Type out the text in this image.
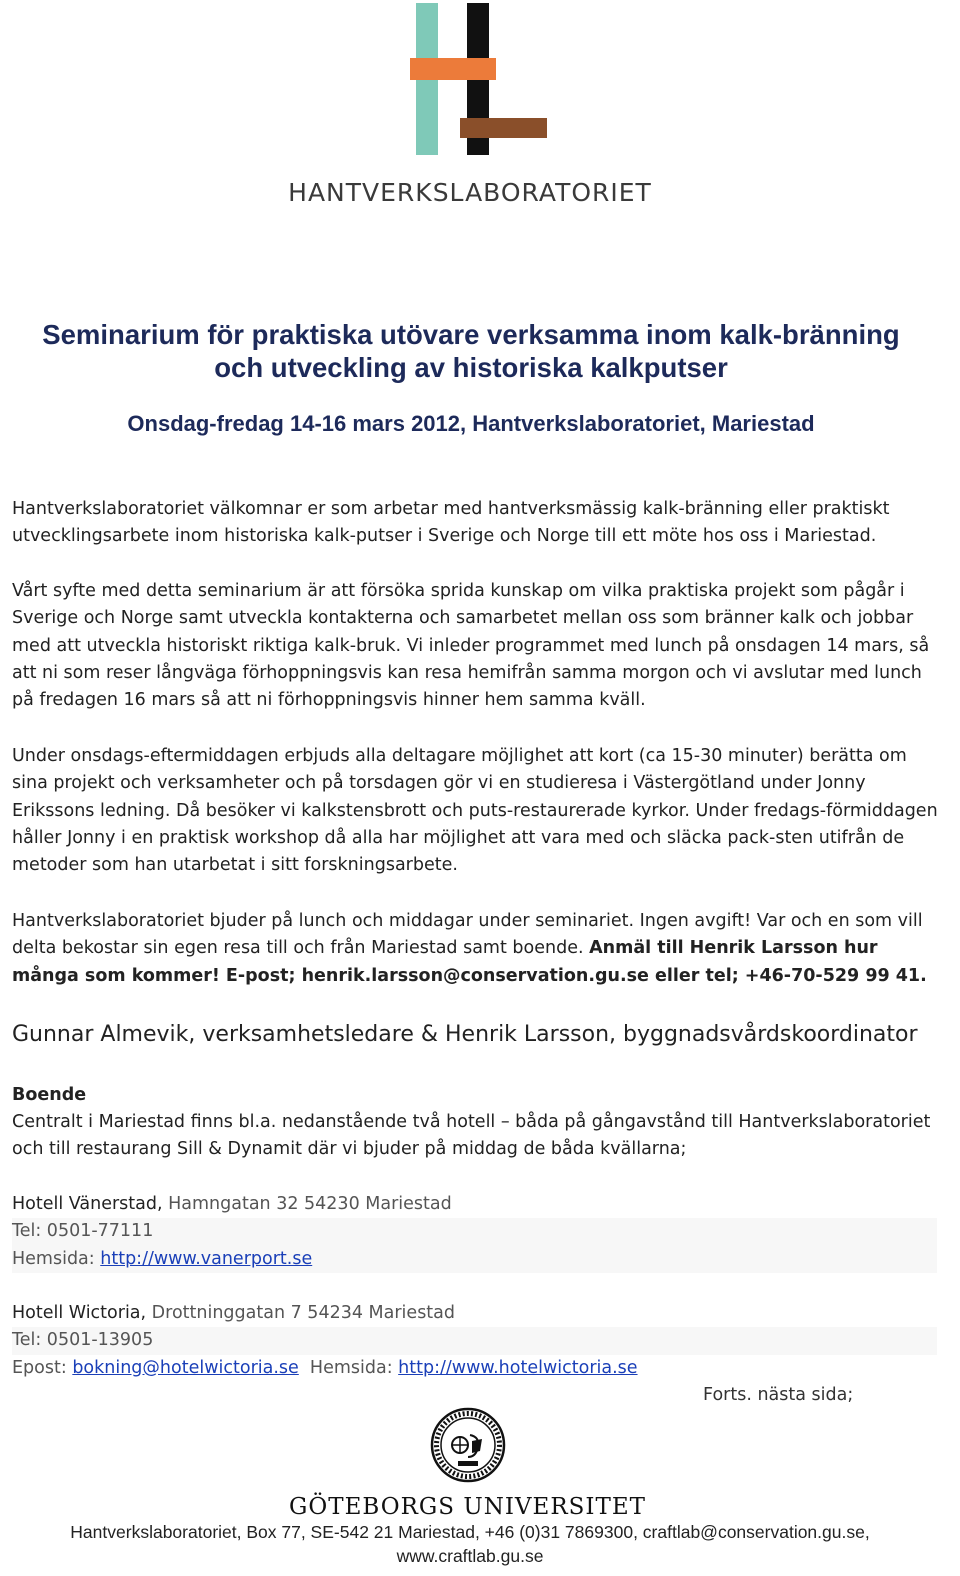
HANTVERKSLABORATORIET
Seminarium för praktiska utövare verksamma inom kalk-bränning
och utveckling av historiska kalkputser
Onsdag-fredag 14-16 mars 2012, Hantverkslaboratoriet, Mariestad

Hantverkslaboratoriet välkomnar er som arbetar med hantverksmässig kalk-bränning eller praktiskt utvecklingsarbete inom historiska kalk-putser i Sverige och Norge till ett möte hos oss i Mariestad.

Vårt syfte med detta seminarium är att försöka sprida kunskap om vilka praktiska projekt som pågår i Sverige och Norge samt utveckla kontakterna och samarbetet mellan oss som bränner kalk och jobbar med att utveckla historiskt riktiga kalk-bruk. Vi inleder programmet med lunch på onsdagen 14 mars, så att ni som reser långväga förhoppningsvis kan resa hemifrån samma morgon och vi avslutar med lunch på fredagen 16 mars så att ni förhoppningsvis hinner hem samma kväll.

Under onsdags-eftermiddagen erbjuds alla deltagare möjlighet att kort (ca 15-30 minuter) berätta om sina projekt och verksamheter och på torsdagen gör vi en studieresa i Västergötland under Jonny Erikssons ledning. Då besöker vi kalkstensbrott och puts-restaurerade kyrkor. Under fredags-förmiddagen håller Jonny i en praktisk workshop då alla har möjlighet att vara med och släcka pack-sten utifrån de metoder som han utarbetat i sitt forskningsarbete.

Hantverkslaboratoriet bjuder på lunch och middagar under seminariet. Ingen avgift! Var och en som vill delta bekostar sin egen resa till och från Mariestad samt boende. Anmäl till Henrik Larsson hur många som kommer! E-post; henrik.larsson@conservation.gu.se eller tel; +46-70-529 99 41.

Gunnar Almevik, verksamhetsledare & Henrik Larsson, byggnadsvårdskoordinator
Boende
Centralt i Mariestad finns bl.a. nedanstående två hotell – båda på gångavstånd till Hantverkslaboratoriet och till restaurang Sill & Dynamit där vi bjuder på middag de båda kvällarna;
Hotell Vänerstad, Hamngatan 32 54230 Mariestad
Tel: 0501-77111
Hemsida: http://www.vanerport.se
Hotell Wictoria, Drottninggatan 7 54234 Mariestad
Tel: 0501-13905
Epost: bokning@hotelwictoria.se  Hemsida: http://www.hotelwictoria.se
Forts. nästa sida;
GÖTEBORGS UNIVERSITET
Hantverkslaboratoriet, Box 77, SE-542 21 Mariestad, +46 (0)31 7869300, craftlab@conservation.gu.se,
www.craftlab.gu.se
